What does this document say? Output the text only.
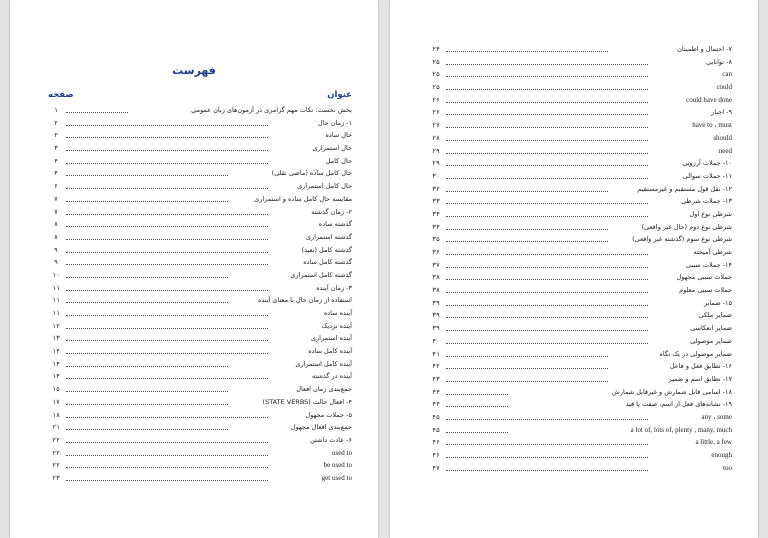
فهرست
عنوان
صفحه
۱	بخش نخست: نکات مهم گرامری در آزمون‌های زبان عمومی
۲	۱- زمان حال
۲	حال ساده
۳	حال استمراری
۴	حال کامل
۴	حال کامل ساده (ماضی نقلی)
۶	حال کامل استمراری
۷	مقایسه حال کامل ساده و استمراری
۷	۲- زمان گذشته
۸	گذشته ساده
۸	گذشته استمراری
۹	گذشته کامل (بعید)
۹	گذشته کامل ساده
۱۰	گذشته کامل استمراری
۱۱	۳- زمان آینده
۱۱	استفاده از زمان حال با معنای آینده
۱۱	آینده ساده
۱۲	آینده نزدیک
۱۳	آینده استمراری
۱۴	آینده کامل ساده
۱۴	آینده کامل استمراری
۱۴	آینده در گذشته
۱۵	جمع‌بندی زمان افعال
۱۷	۴- افعال حالت (STATE VERBS)
۱۸	۵- جملات مجهول
۲۱	جمع‌بندی افعال مجهول
۲۲	۶- عادت داشتن
۲۲	used to
۲۲	be used to
۲۳	get used to
۲۴	۷- احتمال و اطمینان
۲۵	۸- توانایی
۲۵	can
۲۵	could
۲۶	could have done
۲۶	۹- اجبار
۲۷	have to ، must
۲۸	should
۲۹	need
۲۹	۱۰- جملات آرزویی
۳۰	۱۱- جملات سوالی
۳۲	۱۲- نقل قول مستقیم و غیرمستقیم
۳۳	۱۳- جملات شرطی
۳۴	شرطی نوع اول
۳۴	شرطی نوع دوم (حال غیر واقعی)
۳۵	شرطی نوع سوم (گذشته غیر واقعی)
۳۶	شرطی آمیخته
۳۷	۱۴- جملات سببی
۳۸	جملات سببی مجهول
۳۸	جملات سببی معلوم
۳۹	۱۵- ضمایر
۳۹	ضمایر ملکی
۳۹	ضمایر انعکاسی
۴۰	ضمایر موصولی
۴۱	ضمایر موصولی در یک نگاه
۴۲	۱۶- تطابق فعل و فاعل
۴۳	۱۷- تطابق اسم و ضمیر
۴۴	۱۸- اسامی قابل شمارش و غیرقابل شمارش
۴۴	۱۹- نشانه‌های فعل از اسم، صفت یا قید
۴۵	any ، some
۴۵	a lot of, lots of, plenty , many, much
۴۶	a little, a few
۴۶	enough
۴۷	too
